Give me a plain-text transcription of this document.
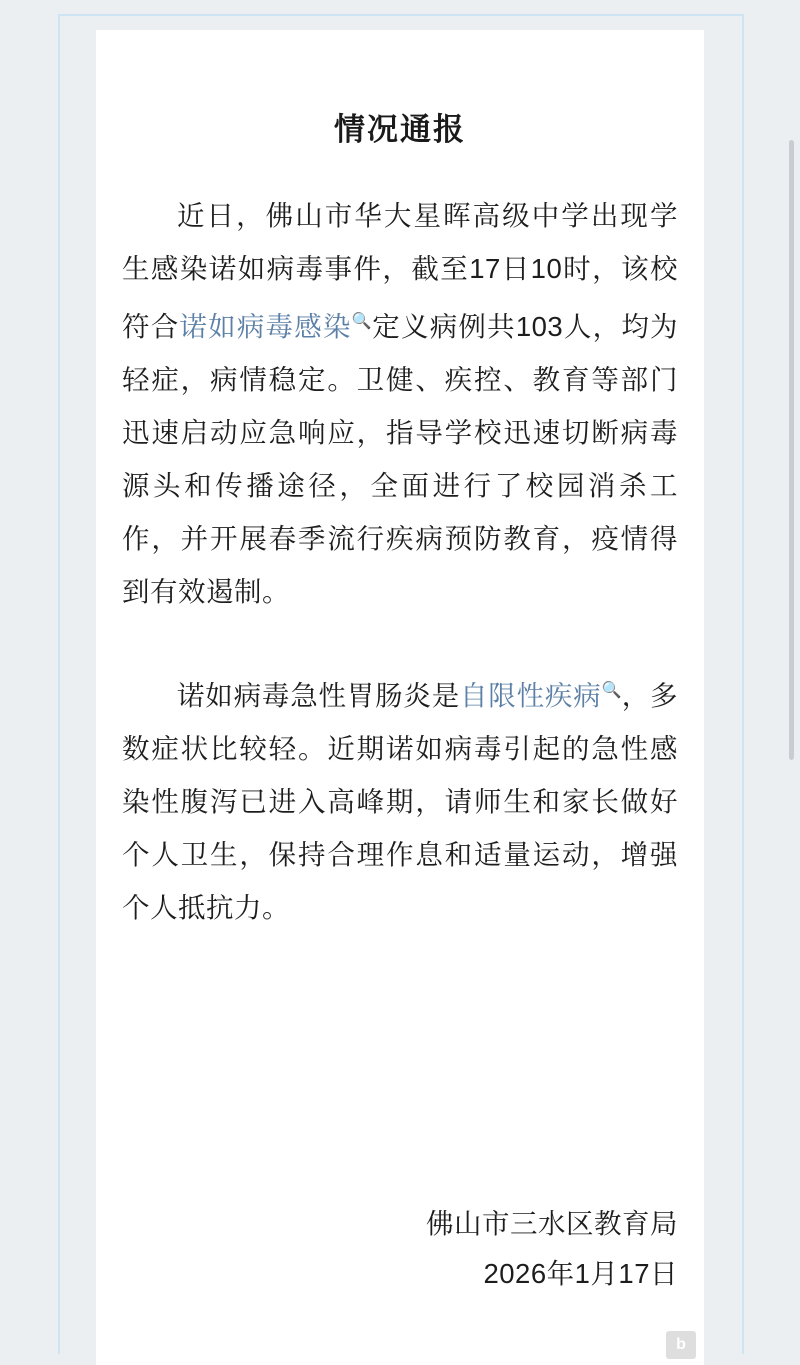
情况通报

近日，佛山市华大星晖高级中学出现学生感染诺如病毒事件，截至17日10时，该校符合诺如病毒感染🔍定义病例共103人，均为轻症，病情稳定。卫健、疾控、教育等部门迅速启动应急响应，指导学校迅速切断病毒源头和传播途径，全面进行了校园消杀工作，并开展春季流行疾病预防教育，疫情得到有效遏制。

诺如病毒急性胃肠炎是自限性疾病🔍，多数症状比较轻。近期诺如病毒引起的急性感染性腹泻已进入高峰期，请师生和家长做好个人卫生，保持合理作息和适量运动，增强个人抵抗力。

佛山市三水区教育局
2026年1月17日
b
